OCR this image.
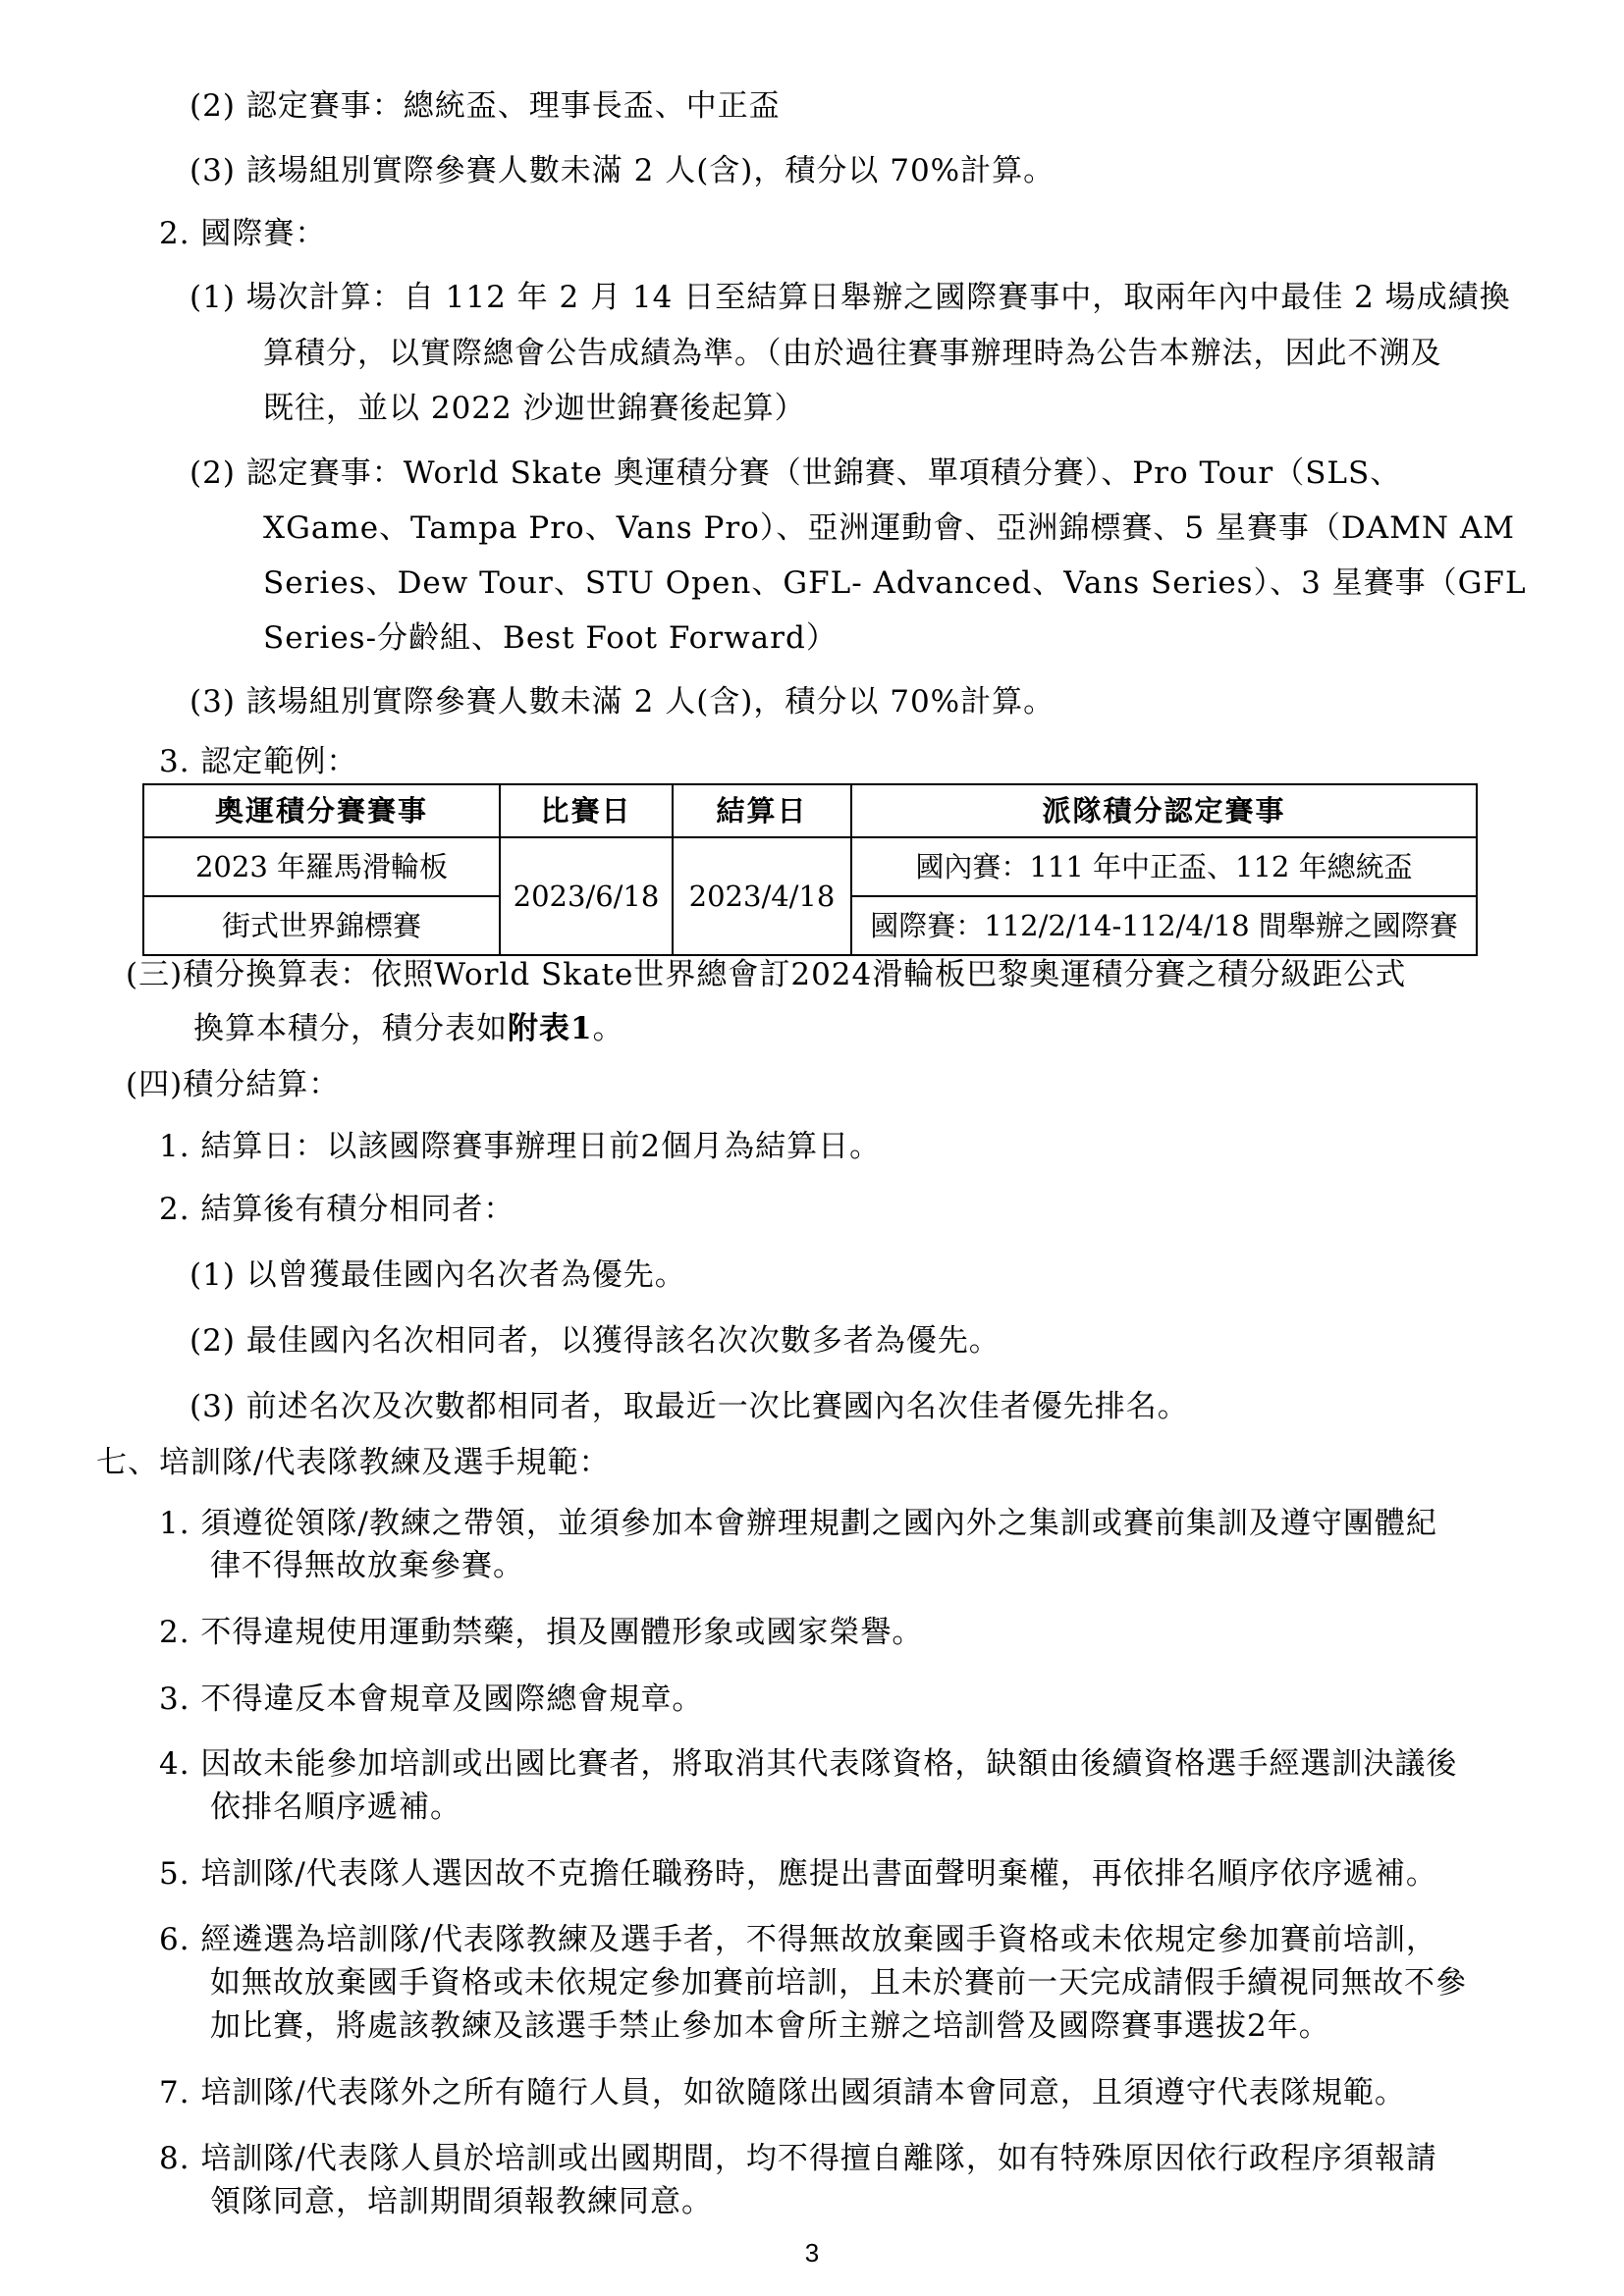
(2) 認定賽事：總統盃、理事長盃、中正盃
(3) 該場組別實際參賽人數未滿 2 人(含)，積分以 70%計算。
2. 國際賽：
(1) 場次計算：自 112 年 2 月 14 日至結算日舉辦之國際賽事中，取兩年內中最佳 2 場成績換
算積分，以實際總會公告成績為準。（由於過往賽事辦理時為公告本辦法，因此不溯及
既往，並以 2022 沙迦世錦賽後起算）
(2) 認定賽事：World Skate 奧運積分賽（世錦賽、單項積分賽）、Pro Tour（SLS、
XGame、Tampa Pro、Vans Pro）、亞洲運動會、亞洲錦標賽、5 星賽事（DAMN AM
Series、Dew Tour、STU Open、GFL- Advanced、Vans Series）、3 星賽事（GFL
Series-分齡組、Best Foot Forward）
(3) 該場組別實際參賽人數未滿 2 人(含)，積分以 70%計算。
3. 認定範例：
奧運積分賽賽事	比賽日	結算日	派隊積分認定賽事
2023 年羅馬滑輪板	2023/6/18	2023/4/18	國內賽：111 年中正盃、112 年總統盃
街式世界錦標賽			國際賽：112/2/14-112/4/18 間舉辦之國際賽
(三)積分換算表：依照World Skate世界總會訂2024滑輪板巴黎奧運積分賽之積分級距公式
換算本積分，積分表如附表1。
(四)積分結算：
1. 結算日：以該國際賽事辦理日前2個月為結算日。
2. 結算後有積分相同者：
(1) 以曾獲最佳國內名次者為優先。
(2) 最佳國內名次相同者，以獲得該名次次數多者為優先。
(3) 前述名次及次數都相同者，取最近一次比賽國內名次佳者優先排名。
七、培訓隊/代表隊教練及選手規範：
1. 須遵從領隊/教練之帶領，並須參加本會辦理規劃之國內外之集訓或賽前集訓及遵守團體紀
律不得無故放棄參賽。
2. 不得違規使用運動禁藥，損及團體形象或國家榮譽。
3. 不得違反本會規章及國際總會規章。
4. 因故未能參加培訓或出國比賽者，將取消其代表隊資格，缺額由後續資格選手經選訓決議後
依排名順序遞補。
5. 培訓隊/代表隊人選因故不克擔任職務時，應提出書面聲明棄權，再依排名順序依序遞補。
6. 經遴選為培訓隊/代表隊教練及選手者，不得無故放棄國手資格或未依規定參加賽前培訓，
如無故放棄國手資格或未依規定參加賽前培訓，且未於賽前一天完成請假手續視同無故不參
加比賽，將處該教練及該選手禁止參加本會所主辦之培訓營及國際賽事選拔2年。
7. 培訓隊/代表隊外之所有隨行人員，如欲隨隊出國須請本會同意，且須遵守代表隊規範。
8. 培訓隊/代表隊人員於培訓或出國期間，均不得擅自離隊，如有特殊原因依行政程序須報請
領隊同意，培訓期間須報教練同意。
3
